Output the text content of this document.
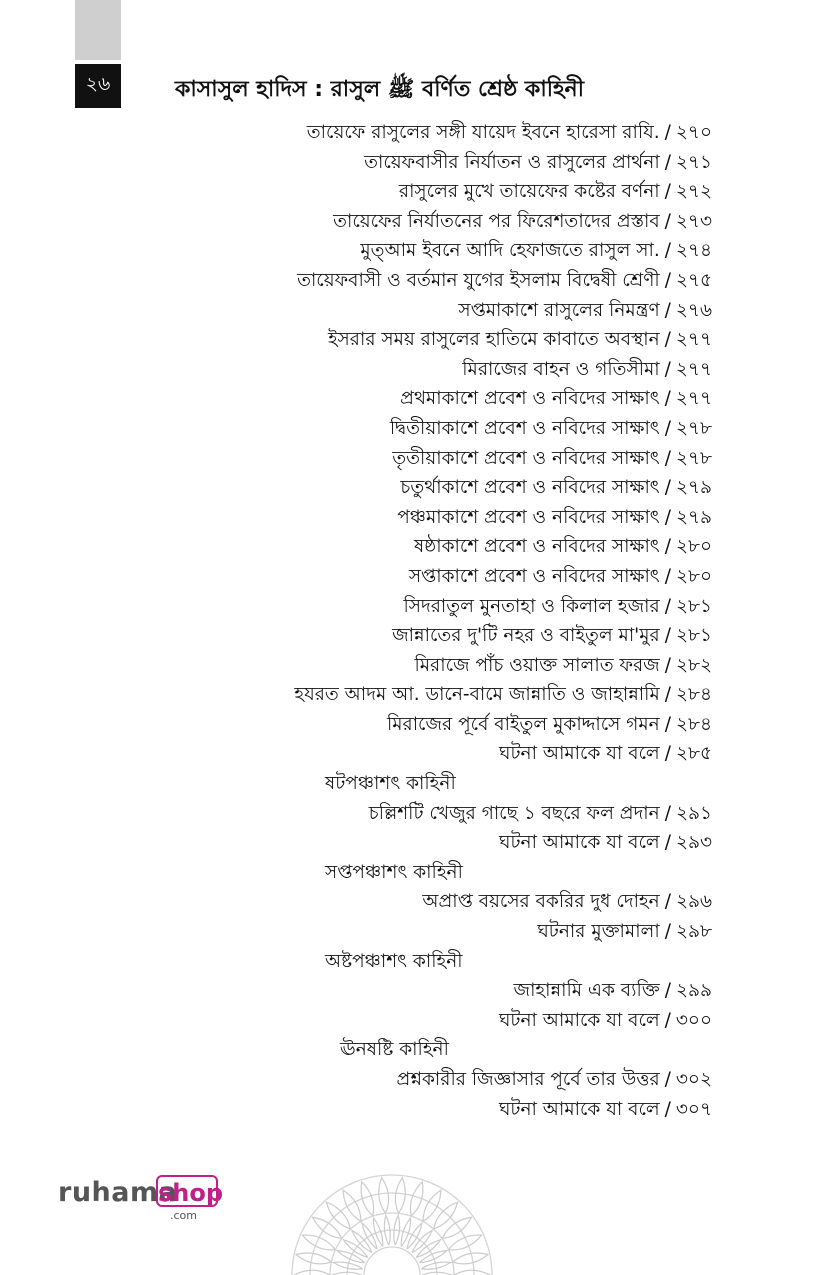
২৬	কাসাসুল হাদিস : রাসুল ﷺ বর্ণিত শ্রেষ্ঠ কাহিনী
তায়েফে রাসুলের সঙ্গী যায়েদ ইবনে হারেসা রাযি. / ২৭০
তায়েফবাসীর নির্যাতন ও রাসুলের প্রার্থনা / ২৭১
রাসুলের মুখে তায়েফের কষ্টের বর্ণনা / ২৭২
তায়েফের নির্যাতনের পর ফিরেশতাদের প্রস্তাব / ২৭৩
মুত্আম ইবনে আদি হেফাজতে রাসুল সা. / ২৭৪
তায়েফবাসী ও বর্তমান যুগের ইসলাম বিদ্বেষী শ্রেণী / ২৭৫
সপ্তমাকাশে রাসুলের নিমন্ত্রণ / ২৭৬
ইসরার সময় রাসুলের হাতিমে কাবাতে অবস্থান / ২৭৭
মিরাজের বাহন ও গতিসীমা / ২৭৭
প্রথমাকাশে প্রবেশ ও নবিদের সাক্ষাৎ / ২৭৭
দ্বিতীয়াকাশে প্রবেশ ও নবিদের সাক্ষাৎ / ২৭৮
তৃতীয়াকাশে প্রবেশ ও নবিদের সাক্ষাৎ / ২৭৮
চতুর্থাকাশে প্রবেশ ও নবিদের সাক্ষাৎ / ২৭৯
পঞ্চমাকাশে প্রবেশ ও নবিদের সাক্ষাৎ / ২৭৯
ষষ্ঠাকাশে প্রবেশ ও নবিদের সাক্ষাৎ / ২৮০
সপ্তাকাশে প্রবেশ ও নবিদের সাক্ষাৎ / ২৮০
সিদরাতুল মুনতাহা ও কিলাল হজার / ২৮১
জান্নাতের দু'টি নহর ও বাইতুল মা'মুর / ২৮১
মিরাজে পাঁচ ওয়াক্ত সালাত ফরজ / ২৮২
হযরত আদম আ. ডানে-বামে জান্নাতি ও জাহান্নামি / ২৮৪
মিরাজের পূর্বে বাইতুল মুকাদ্দাসে গমন / ২৮৪
ঘটনা আমাকে যা বলে / ২৮৫
ষটপঞ্চাশৎ কাহিনী
চল্লিশটি খেজুর গাছে ১ বছরে ফল প্রদান / ২৯১
ঘটনা আমাকে যা বলে / ২৯৩
সপ্তপঞ্চাশৎ কাহিনী
অপ্রাপ্ত বয়সের বকরির দুধ দোহন / ২৯৬
ঘটনার মুক্তামালা / ২৯৮
অষ্টপঞ্চাশৎ কাহিনী
জাহান্নামি এক ব্যক্তি / ২৯৯
ঘটনা আমাকে যা বলে / ৩০০
ঊনষষ্টি কাহিনী
প্রশ্নকারীর জিজ্ঞাসার পূর্বে তার উত্তর / ৩০২
ঘটনা আমাকে যা বলে / ৩০৭
ruhama
shop
.com
